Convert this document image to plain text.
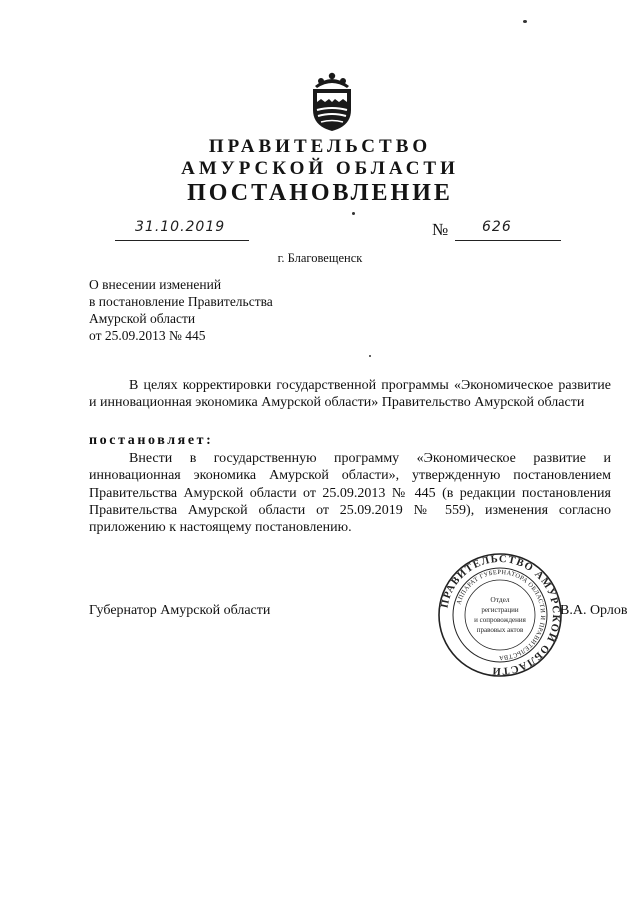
ПРАВИТЕЛЬСТВО
АМУРСКОЙ ОБЛАСТИ
ПОСТАНОВЛЕНИЕ
31.10.2019	№ 626
г. Благовещенск
О внесении изменений
в постановление Правительства
Амурской области
от 25.09.2013 № 445
В целях корректировки государственной программы «Экономическое развитие и инновационная экономика Амурской области» Правительство Амурской области
постановляет:
Внести в государственную программу «Экономическое развитие и инновационная экономика Амурской области», утвержденную постановлением Правительства Амурской области от 25.09.2013 № 445 (в редакции постановления Правительства Амурской области от 25.09.2019 № 559), изменения согласно приложению к настоящему постановлению.
Губернатор Амурской области	ПРАВИТЕЛЬСТВО АМУРСКОЙ ОБЛАСТИ
АППАРАТ ГУБЕРНАТОРА ОБЛАСТИ И ПРАВИТЕЛЬСТВА
Отдел
регистрации
и сопровождения
правовых актов
В.А. Орлов
